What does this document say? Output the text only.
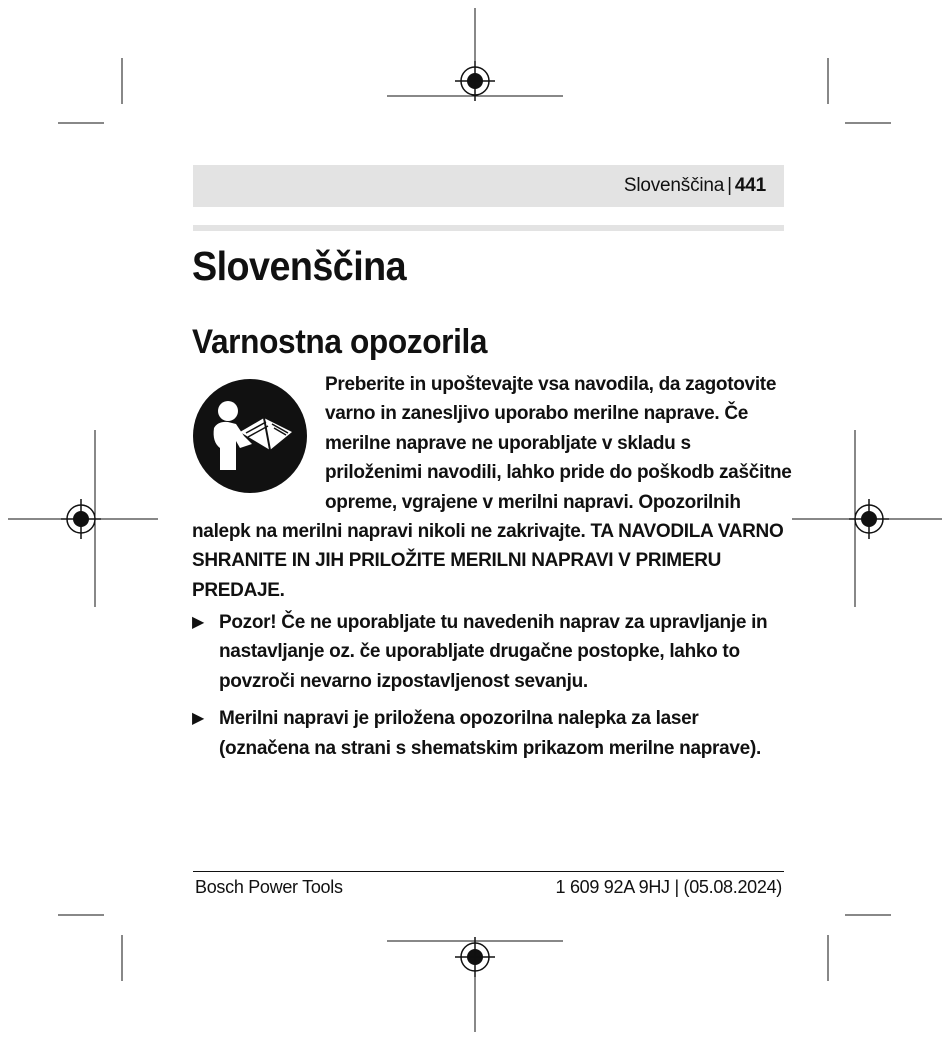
Slovenščina | 441
Slovenščina
Varnostna opozorila

Preberite in upoštevajte vsa navodila, da zagotovite varno in zanesljivo uporabo merilne naprave. Če merilne naprave ne uporabljate v skladu s priloženimi navodili, lahko pride do poškodb zaščitne opreme, vgrajene v merilni napravi. Opozorilnih nalepk na merilni napravi nikoli ne zakrivajte. TA NAVODILA VARNO SHRANITE IN JIH PRILOŽITE MERILNI NAPRAVI V PRIMERU PREDAJE.

▶ Pozor! Če ne uporabljate tu navedenih naprav za upravljanje in nastavljanje oz. če uporabljate drugačne postopke, lahko to povzroči nevarno izpostavljenost sevanju.
▶ Merilni napravi je priložena opozorilna nalepka za laser (označena na strani s shematskim prikazom merilne naprave).
Bosch Power Tools	1 609 92A 9HJ | (05.08.2024)
